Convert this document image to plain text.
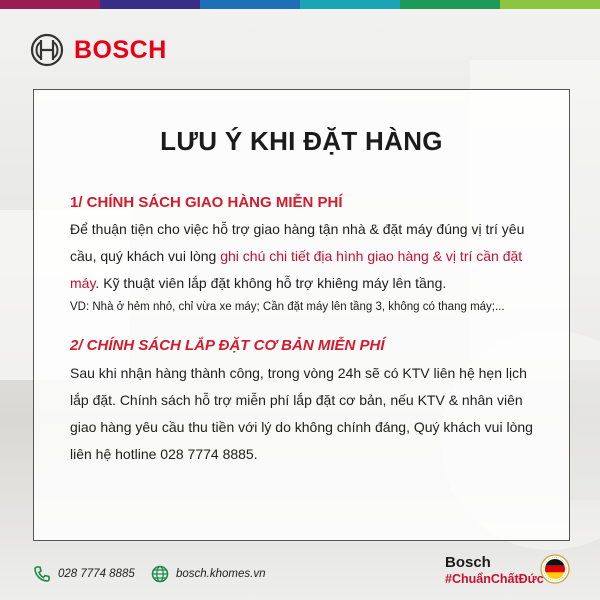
BOSCH
LƯU Ý KHI ĐẶT HÀNG
1/ CHÍNH SÁCH GIAO HÀNG MIỄN PHÍ
Để thuận tiện cho việc hỗ trợ giao hàng tận nhà & đặt máy đúng vị trí yêu cầu, quý khách vui lòng ghi chú chi tiết địa hình giao hàng & vị trí cần đặt máy. Kỹ thuật viên lắp đặt không hỗ trợ khiêng máy lên tầng.
VD: Nhà ở hẻm nhỏ, chỉ vừa xe máy; Cần đặt máy lên tầng 3, không có thang máy;...
2/ CHÍNH SÁCH LẮP ĐẶT CƠ BẢN MIỄN PHÍ
Sau khi nhận hàng thành công, trong vòng 24h sẽ có KTV liên hệ hẹn lịch lắp đặt. Chính sách hỗ trợ miễn phí lắp đặt cơ bản, nếu KTV & nhân viên giao hàng yêu cầu thu tiền với lý do không chính đáng, Quý khách vui lòng liên hệ hotline 028 7774 8885.
028 7774 8885	bosch.khomes.vn
Bosch
#ChuẩnChấtĐức
